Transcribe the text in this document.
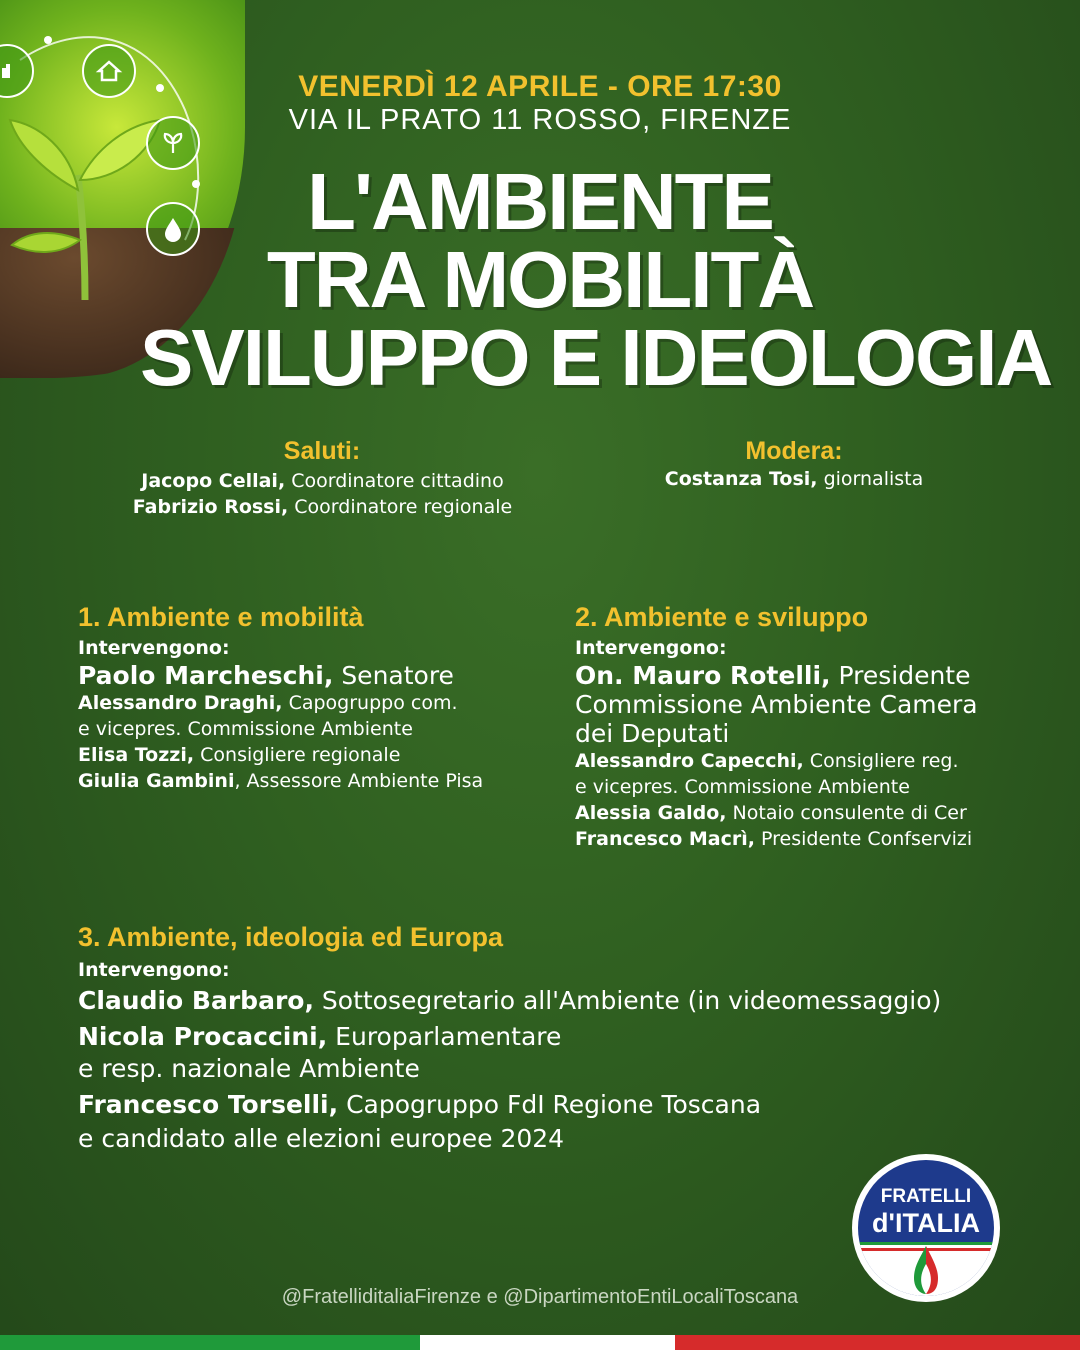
VENERDÌ 12 APRILE - ORE 17:30
VIA IL PRATO 11 ROSSO, FIRENZE
L'AMBIENTE
TRA MOBILITÀ
SVILUPPO E IDEOLOGIA
Saluti:
Jacopo Cellai, Coordinatore cittadino
Fabrizio Rossi, Coordinatore regionale
Modera:
Costanza Tosi, giornalista
1. Ambiente e mobilità
Intervengono:
Paolo Marcheschi, Senatore
Alessandro Draghi, Capogruppo com.
e vicepres. Commissione Ambiente
Elisa Tozzi, Consigliere regionale
Giulia Gambini, Assessore Ambiente Pisa
2. Ambiente e sviluppo
Intervengono:
On. Mauro Rotelli, Presidente
Commissione Ambiente Camera
dei Deputati
Alessandro Capecchi, Consigliere reg.
e vicepres. Commissione Ambiente
Alessia Galdo, Notaio consulente di Cer
Francesco Macrì, Presidente Confservizi
3. Ambiente, ideologia ed Europa
Intervengono:
Claudio Barbaro, Sottosegretario all'Ambiente (in videomessaggio)
Nicola Procaccini, Europarlamentare
e resp. nazionale Ambiente
Francesco Torselli, Capogruppo FdI Regione Toscana
e candidato alle elezioni europee 2024
FRATELLI
d'ITALIA
@FratelliditaliaFirenze e @DipartimentoEntiLocaliToscana
